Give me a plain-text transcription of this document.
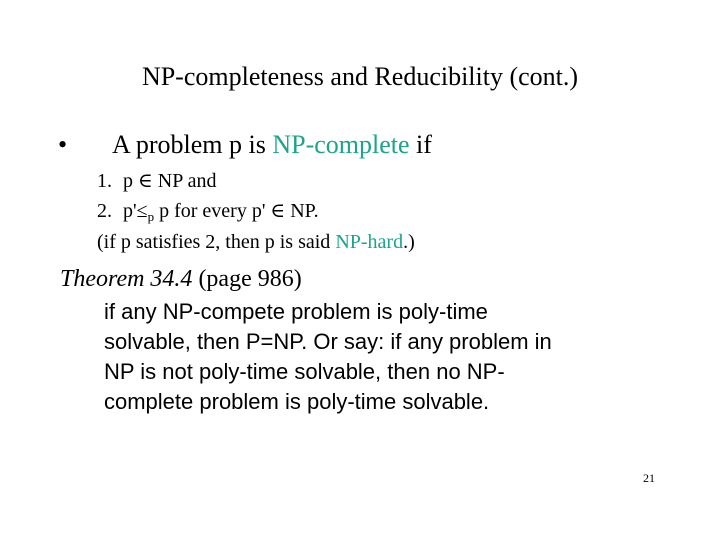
NP-completeness and Reducibility (cont.)
• A problem p is NP-complete if
1. p ∈ NP and
2. $p'\le_p$ p for every p' ∈ NP.
(if p satisfies 2, then p is said NP-hard.)
Theorem 34.4 (page 986)
if any NP-compete problem is poly-time
solvable, then P=NP. Or say: if any problem in
NP is not poly-time solvable, then no NP-
complete problem is poly-time solvable.
21
